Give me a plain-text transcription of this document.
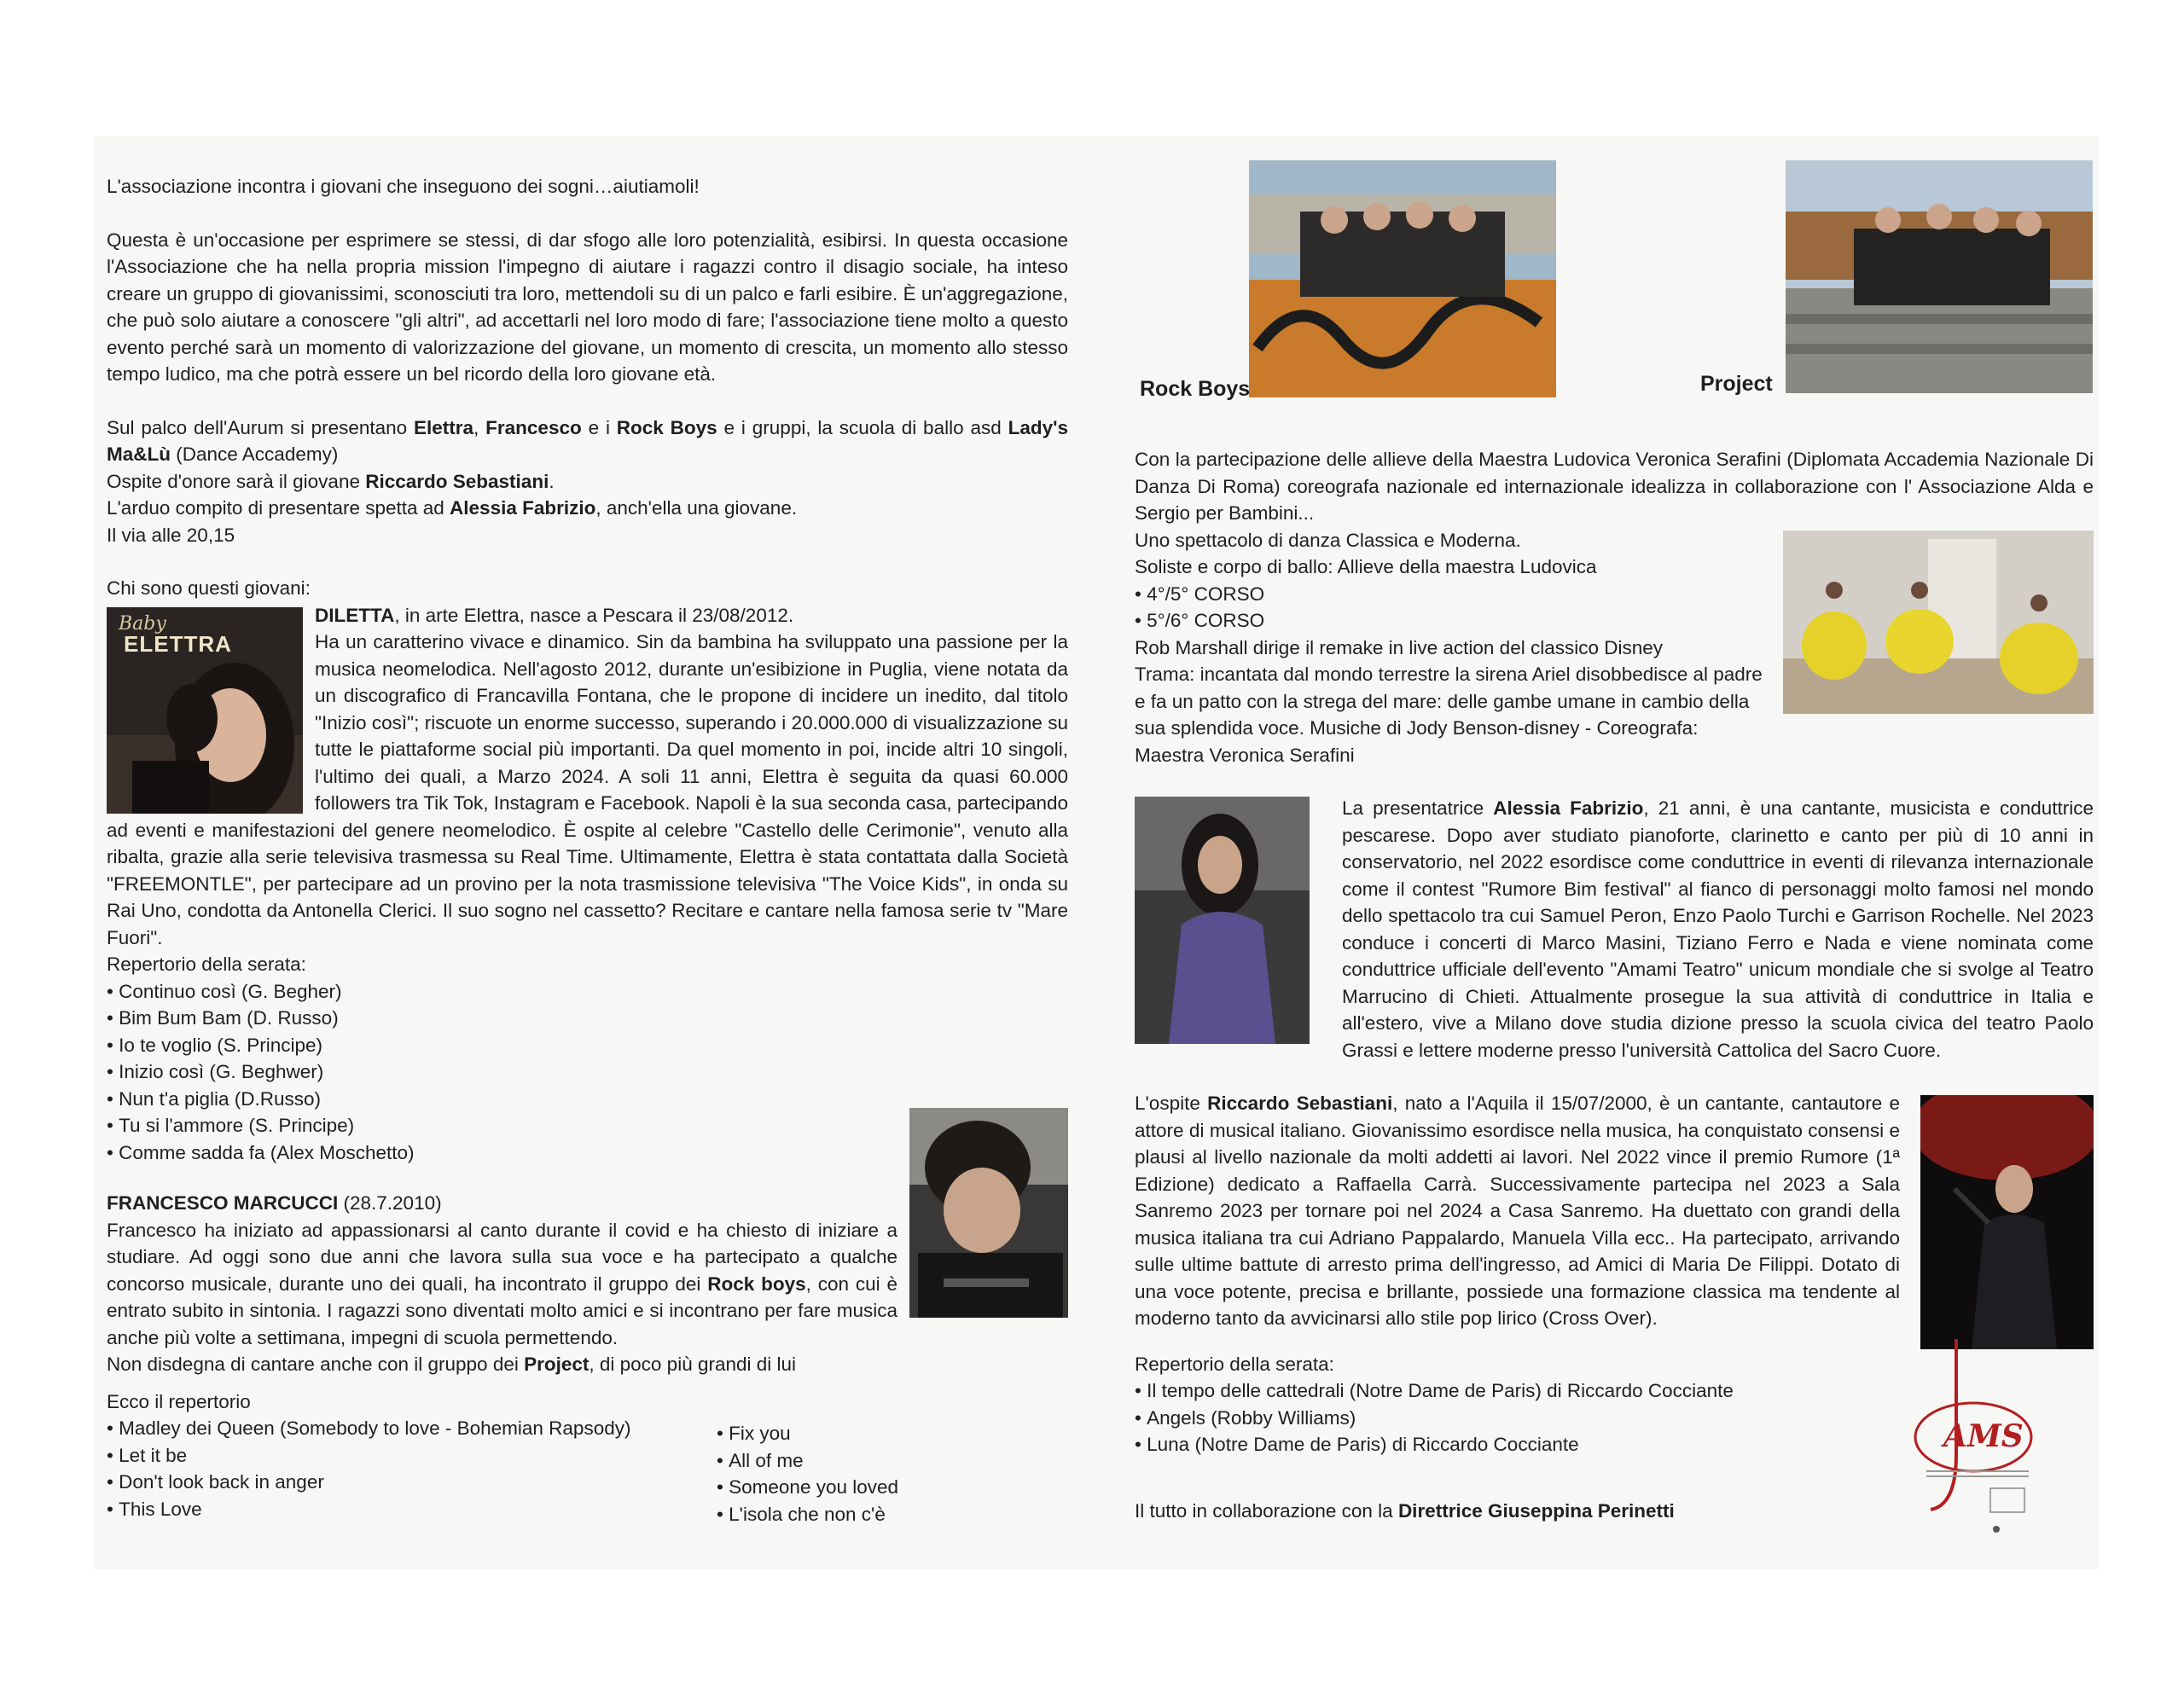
L'associazione incontra i giovani che inseguono dei sogni…aiutiamoli!

Questa è un'occasione per esprimere se stessi, di dar sfogo alle loro potenzialità, esibirsi. In questa occasione l'Associazione che ha nella propria mission l'impegno di aiutare i ragazzi contro il disagio sociale, ha inteso creare un gruppo di giovanissimi, sconosciuti tra loro, mettendoli su di un palco e farli esibire. È un'aggregazione, che può solo aiutare a conoscere "gli altri", ad accettarli nel loro modo di fare; l'associazione tiene molto a questo evento perché sarà un momento di valorizzazione del giovane, un momento di crescita, un momento allo stesso tempo ludico, ma che potrà essere un bel ricordo della loro giovane età.

Sul palco dell'Aurum si presentano Elettra, Francesco e i Rock Boys e i gruppi, la scuola di ballo asd Lady's Ma&Lù (Dance Accademy)

Ospite d'onore sarà il giovane Riccardo Sebastiani.

L'arduo compito di presentare spetta ad Alessia Fabrizio, anch'ella una giovane.

Il via alle 20,15

Chi sono questi giovani:

Baby
ELETTRA

DILETTA, in arte Elettra, nasce a Pescara il 23/08/2012.
Ha un caratterino vivace e dinamico. Sin da bambina ha sviluppato una passione per la musica neomelodica. Nell'agosto 2012, durante un'esibizione in Puglia, viene notata da un discografico di Francavilla Fontana, che le propone di incidere un inedito, dal titolo "Inizio così"; riscuote un enorme successo, superando i 20.000.000 di visualizzazione su tutte le piattaforme social più importanti. Da quel momento in poi, incide altri 10 singoli, l'ultimo dei quali, a Marzo 2024. A soli 11 anni, Elettra è seguita da quasi 60.000 followers tra Tik Tok, Instagram e Facebook. Napoli è la sua seconda casa, partecipando ad eventi e manifestazioni del genere neomelodico. È ospite al celebre "Castello delle Cerimonie", venuto alla ribalta, grazie alla serie televisiva trasmessa su Real Time. Ultimamente, Elettra è stata contattata dalla Società "FREEMONTLE", per partecipare ad un provino per la nota trasmissione televisiva "The Voice Kids", in onda su Rai Uno, condotta da Antonella Clerici. Il suo sogno nel cassetto? Recitare e cantare nella famosa serie tv "Mare Fuori".

Repertorio della serata:

• Continuo così (G. Begher)
• Bim Bum Bam (D. Russo)
• Io te voglio (S. Principe)
• Inizio così (G. Beghwer)
• Nun t'a piglia (D.Russo)
• Tu si l'ammore (S. Principe)
• Comme sadda fa (Alex Moschetto)

FRANCESCO MARCUCCI (28.7.2010)

Francesco ha iniziato ad appassionarsi al canto durante il covid e ha chiesto di iniziare a studiare. Ad oggi sono due anni che lavora sulla sua voce e ha partecipato a qualche concorso musicale, durante uno dei quali, ha incontrato il gruppo dei Rock boys, con cui è entrato subito in sintonia. I ragazzi sono diventati molto amici e si incontrano per fare musica anche più volte a settimana, impegni di scuola permettendo.

Non disdegna di cantare anche con il gruppo dei Project, di poco più grandi di lui

Ecco il repertorio

• Madley dei Queen (Somebody to love - Bohemian Rapsody)
• Let it be
• Don't look back in anger
• This Love
• Fix you
• All of me
• Someone you loved
• L'isola che non c'è
Rock Boys	Project

Con la partecipazione delle allieve della Maestra Ludovica Veronica Serafini (Diplomata Accademia Nazionale Di Danza Di Roma) coreografa nazionale ed internazionale idealizza in collaborazione con l' Associazione Alda e Sergio per Bambini...

Uno spettacolo di danza Classica e Moderna.

Soliste e corpo di ballo: Allieve della maestra Ludovica

• 4°/5° CORSO
• 5°/6° CORSO

Rob Marshall dirige il remake in live action del classico Disney

Trama: incantata dal mondo terrestre la sirena Ariel disobbedisce al padre e fa un patto con la strega del mare: delle gambe umane in cambio della sua splendida voce. Musiche di Jody Benson-disney - Coreografa: Maestra Veronica Serafini

La presentatrice Alessia Fabrizio, 21 anni, è una cantante, musicista e conduttrice pescarese. Dopo aver studiato pianoforte, clarinetto e canto per più di 10 anni in conservatorio, nel 2022 esordisce come conduttrice in eventi di rilevanza internazionale come il contest "Rumore Bim festival" al fianco di personaggi molto famosi nel mondo dello spettacolo tra cui Samuel Peron, Enzo Paolo Turchi e Garrison Rochelle. Nel 2023 conduce i concerti di Marco Masini, Tiziano Ferro e Nada e viene nominata come conduttrice ufficiale dell'evento "Amami Teatro" unicum mondiale che si svolge al Teatro Marrucino di Chieti. Attualmente prosegue la sua attività di conduttrice in Italia e all'estero, vive a Milano dove studia dizione presso la scuola civica del teatro Paolo Grassi e lettere moderne presso l'università Cattolica del Sacro Cuore.

L'ospite Riccardo Sebastiani, nato a l'Aquila il 15/07/2000, è un cantante, cantautore e attore di musical italiano. Giovanissimo esordisce nella musica, ha conquistato consensi e plausi al livello nazionale da molti addetti ai lavori. Nel 2022 vince il premio Rumore (1ª Edizione) dedicato a Raffaella Carrà. Successivamente partecipa nel 2023 a Sala Sanremo 2023 per tornare poi nel 2024 a Casa Sanremo. Ha duettato con grandi della musica italiana tra cui Adriano Pappalardo, Manuela Villa ecc.. Ha partecipato, arrivando sulle ultime battute di arresto prima dell'ingresso, ad Amici di Maria De Filippi. Dotato di una voce potente, precisa e brillante, possiede una formazione classica ma tendente al moderno tanto da avvicinarsi allo stile pop lirico (Cross Over).

Repertorio della serata:

• Il tempo delle cattedrali (Notre Dame de Paris) di Riccardo Cocciante
• Angels (Robby Williams)
• Luna (Notre Dame de Paris) di Riccardo Cocciante

Il tutto in collaborazione con la Direttrice Giuseppina Perinetti

AMS
